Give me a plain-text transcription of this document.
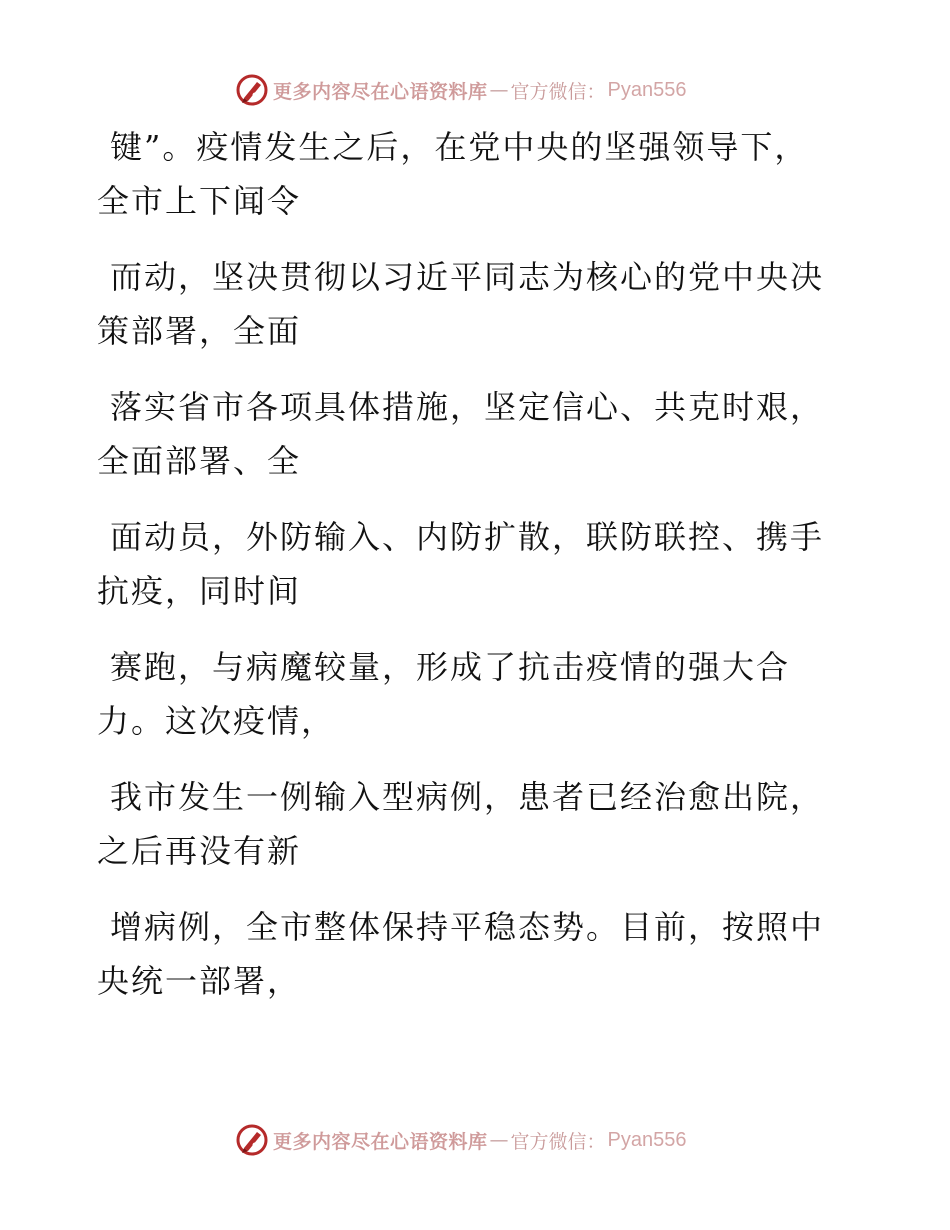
更多内容尽在心语资料库 — 官方微信： Pyan556
键”。疫情发生之后，在党中央的坚强领导下，
全市上下闻令
而动，坚决贯彻以习近平同志为核心的党中央决
策部署，全面
落实省市各项具体措施，坚定信心、共克时艰，
全面部署、全
面动员，外防输入、内防扩散，联防联控、携手
抗疫，同时间
赛跑，与病魔较量，形成了抗击疫情的强大合
力。这次疫情，
我市发生一例输入型病例，患者已经治愈出院，
之后再没有新
增病例，全市整体保持平稳态势。目前，按照中
央统一部署，
更多内容尽在心语资料库 — 官方微信： Pyan556
